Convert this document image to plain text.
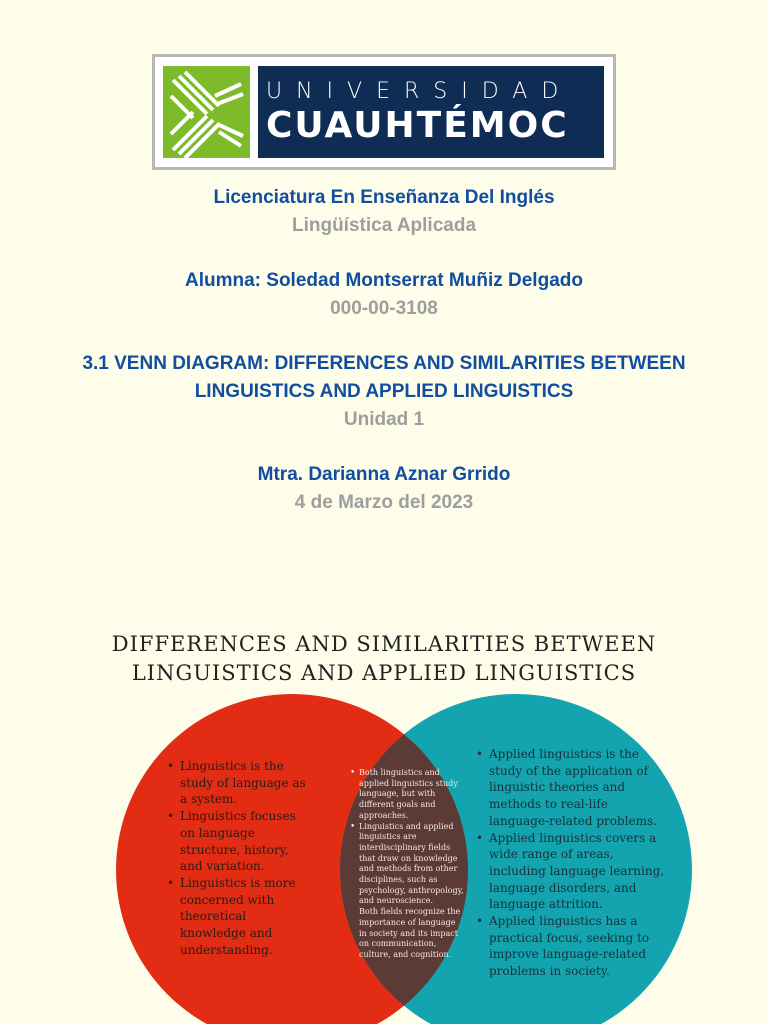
UNIVERSIDAD
CUAUHTÉMOC
Licenciatura En Enseñanza Del Inglés
Lingüística Aplicada
Alumna: Soledad Montserrat Muñiz Delgado
000-00-3108
3.1 VENN DIAGRAM: DIFFERENCES AND SIMILARITIES BETWEEN
LINGUISTICS AND APPLIED LINGUISTICS
Unidad 1
Mtra. Darianna Aznar Grrido
4 de Marzo del 2023
DIFFERENCES AND SIMILARITIES BETWEEN
LINGUISTICS AND APPLIED LINGUISTICS
• Linguistics is the study of language as a system.
• Linguistics focuses on language structure, history, and variation.
• Linguistics is more concerned with theoretical knowledge and understanding.
• Both linguistics and applied linguistics study language, but with different goals and approaches.
• Linguistics and applied linguistics are interdisciplinary fields that draw on knowledge and methods from other disciplines, such as psychology, anthropology, and neuroscience.
Both fields recognize the importance of language in society and its impact on communication, culture, and cognition.
• Applied linguistics is the study of the application of linguistic theories and methods to real-life language-related problems.
• Applied linguistics covers a wide range of areas, including language learning, language disorders, and language attrition.
• Applied linguistics has a practical focus, seeking to improve language-related problems in society.
